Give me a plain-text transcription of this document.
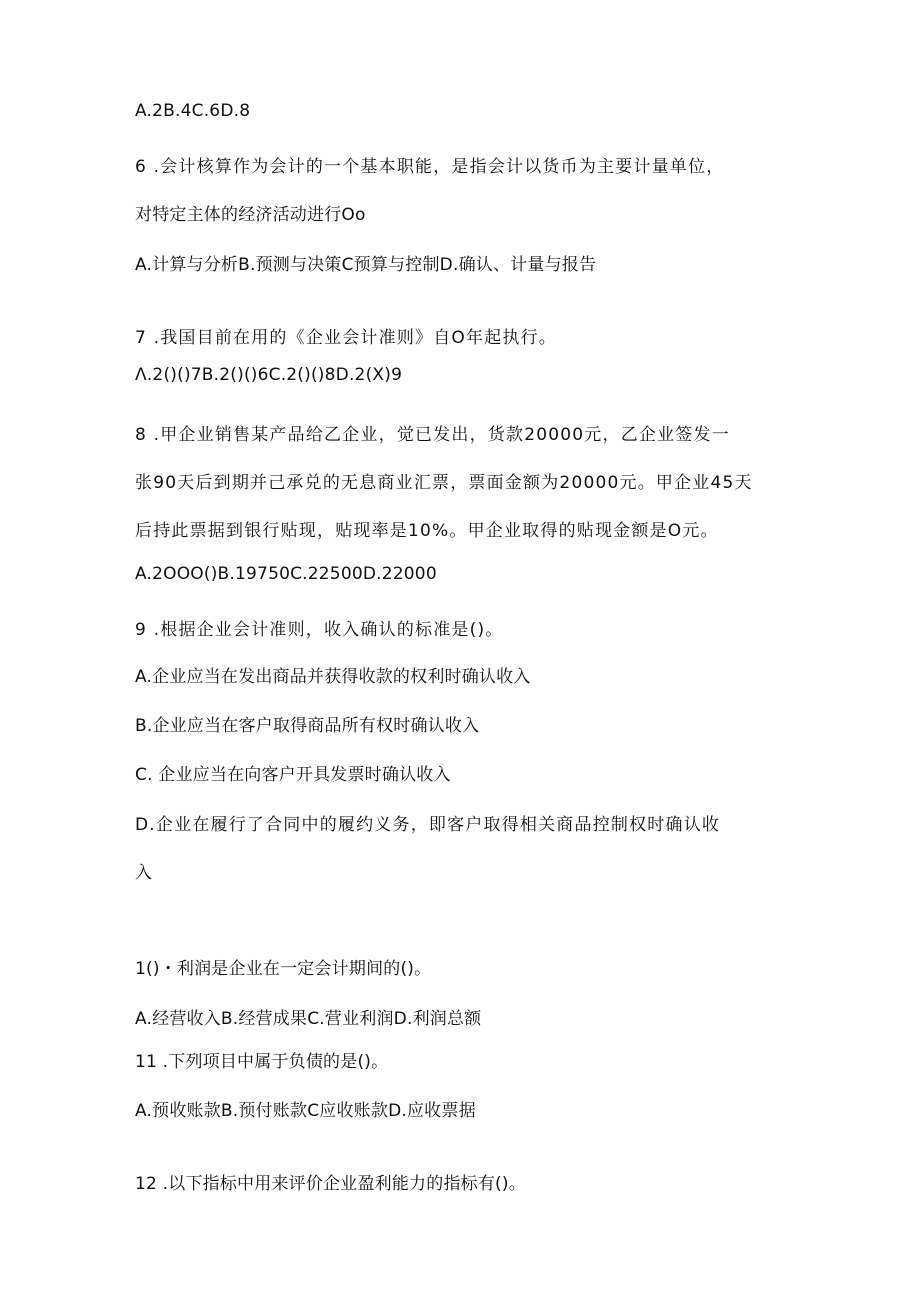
A.2B.4C.6D.8
6 .会计核算作为会计的一个基本职能，是指会计以货币为主要计量单位，
对特定主体的经济活动进行Oo
A.计算与分析B.预测与决策C预算与控制D.确认、计量与报告
7 .我国目前在用的《企业会计准则》自O年起执行。
Λ.2()()7B.2()()6C.2()()8D.2(X)9
8 .甲企业销售某产品给乙企业，觉已发出，货款20000元，乙企业签发一
张90天后到期并己承兑的无息商业汇票，票面金额为20000元。甲企业45天
后持此票据到银行贴现，贴现率是10%。甲企业取得的贴现金额是O元。
A.2OOO()B.19750C.22500D.22000
9 .根据企业会计准则，收入确认的标准是()。
A.企业应当在发出商品并获得收款的权利时确认收入
B.企业应当在客户取得商品所有权时确认收入
C. 企业应当在向客户开具发票时确认收入
D.企业在履行了合同中的履约义务，即客户取得相关商品控制权时确认收
入
1()・利润是企业在一定会计期间的()。
A.经营收入B.经营成果C.营业利润D.利润总额
11 .下列项目中属于负债的是()。
A.预收账款B.预付账款C应收账款D.应收票据
12 .以下指标中用来评价企业盈利能力的指标有()。
